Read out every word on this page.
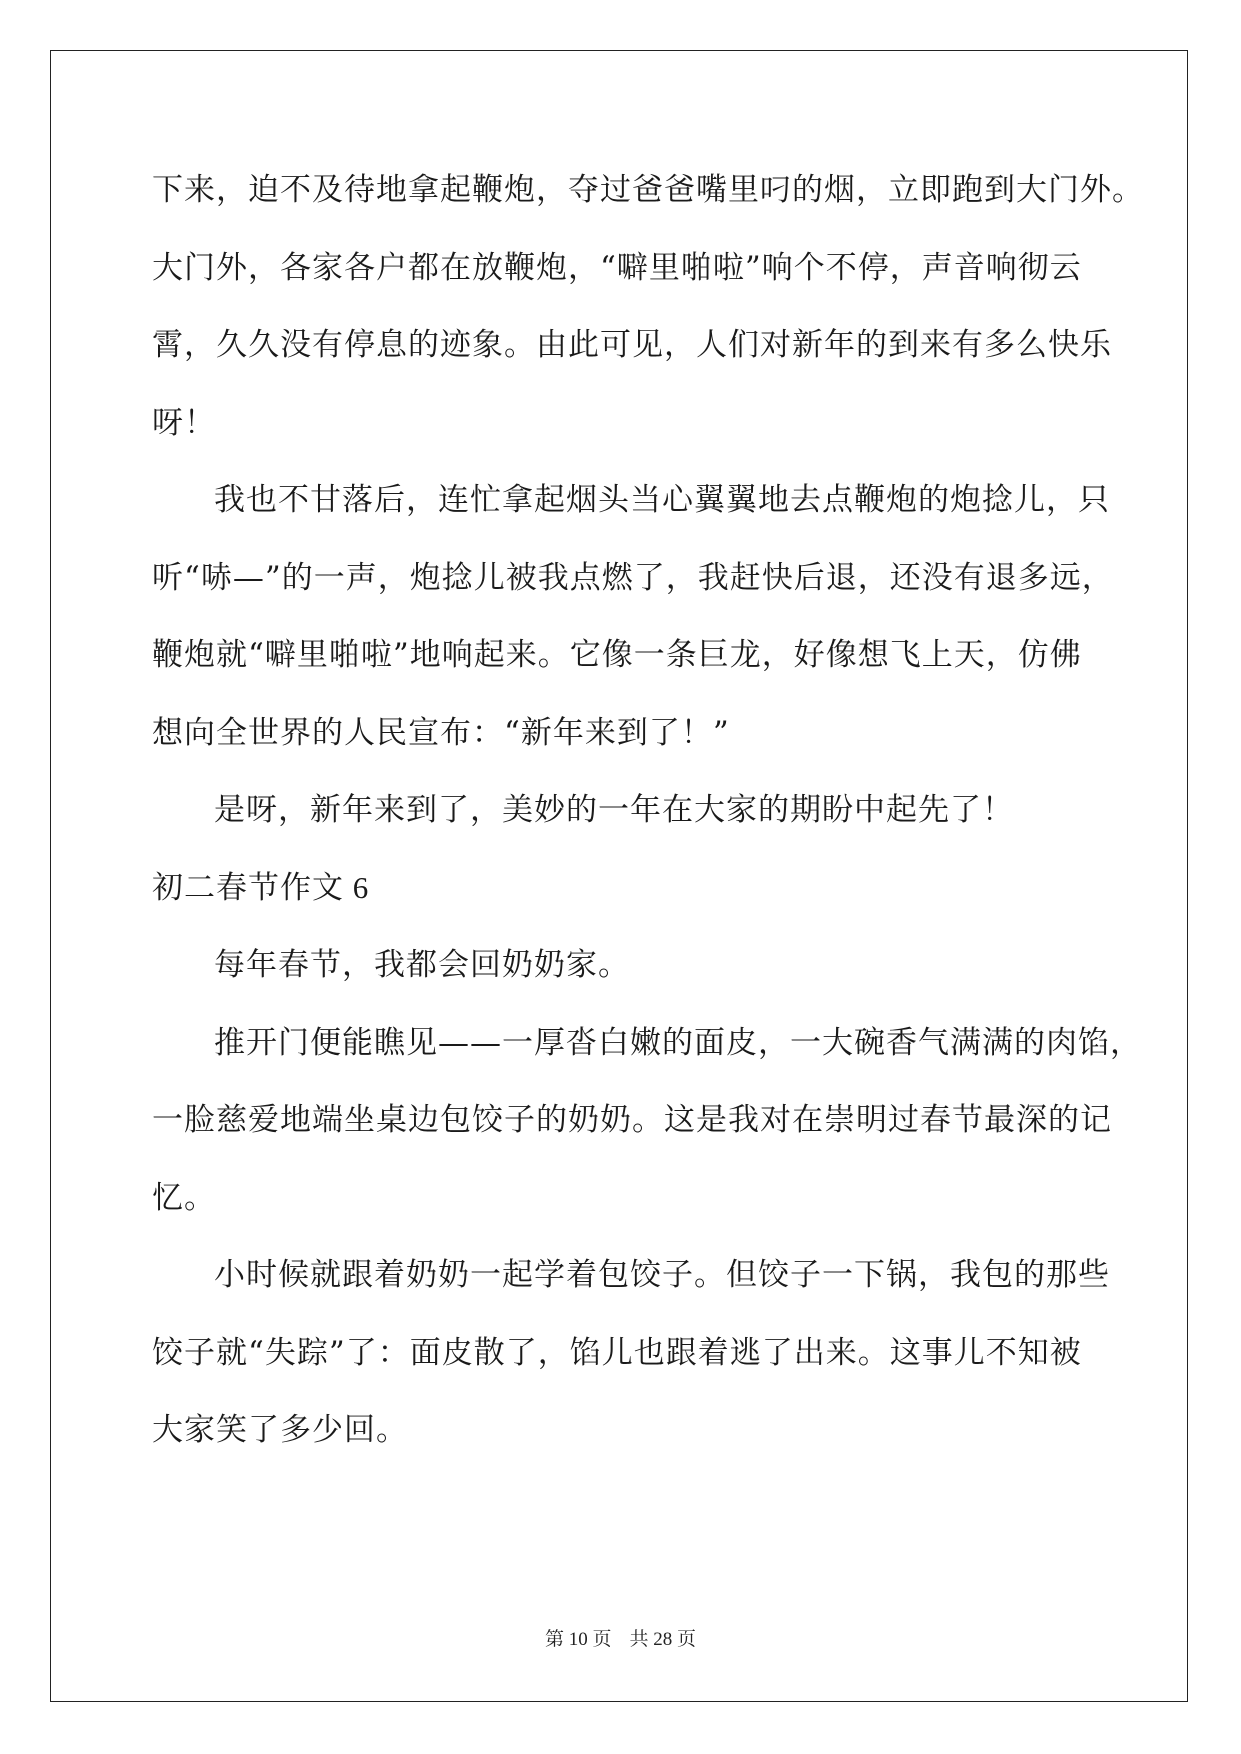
下来，迫不及待地拿起鞭炮，夺过爸爸嘴里叼的烟，立即跑到大门外。
大门外，各家各户都在放鞭炮，“噼里啪啦”响个不停，声音响彻云
霄，久久没有停息的迹象。由此可见，人们对新年的到来有多么快乐
呀！
我也不甘落后，连忙拿起烟头当心翼翼地去点鞭炮的炮捻儿，只
听“哧—”的一声，炮捻儿被我点燃了，我赶快后退，还没有退多远，
鞭炮就“噼里啪啦”地响起来。它像一条巨龙，好像想飞上天，仿佛
想向全世界的人民宣布：“新年来到了！”
是呀，新年来到了，美妙的一年在大家的期盼中起先了！
初二春节作文 6
每年春节，我都会回奶奶家。
推开门便能瞧见——一厚沓白嫩的面皮，一大碗香气满满的肉馅，
一脸慈爱地端坐桌边包饺子的奶奶。这是我对在崇明过春节最深的记
忆。
小时候就跟着奶奶一起学着包饺子。但饺子一下锅，我包的那些
饺子就“失踪”了：面皮散了，馅儿也跟着逃了出来。这事儿不知被
大家笑了多少回。
第 10 页 共 28 页
